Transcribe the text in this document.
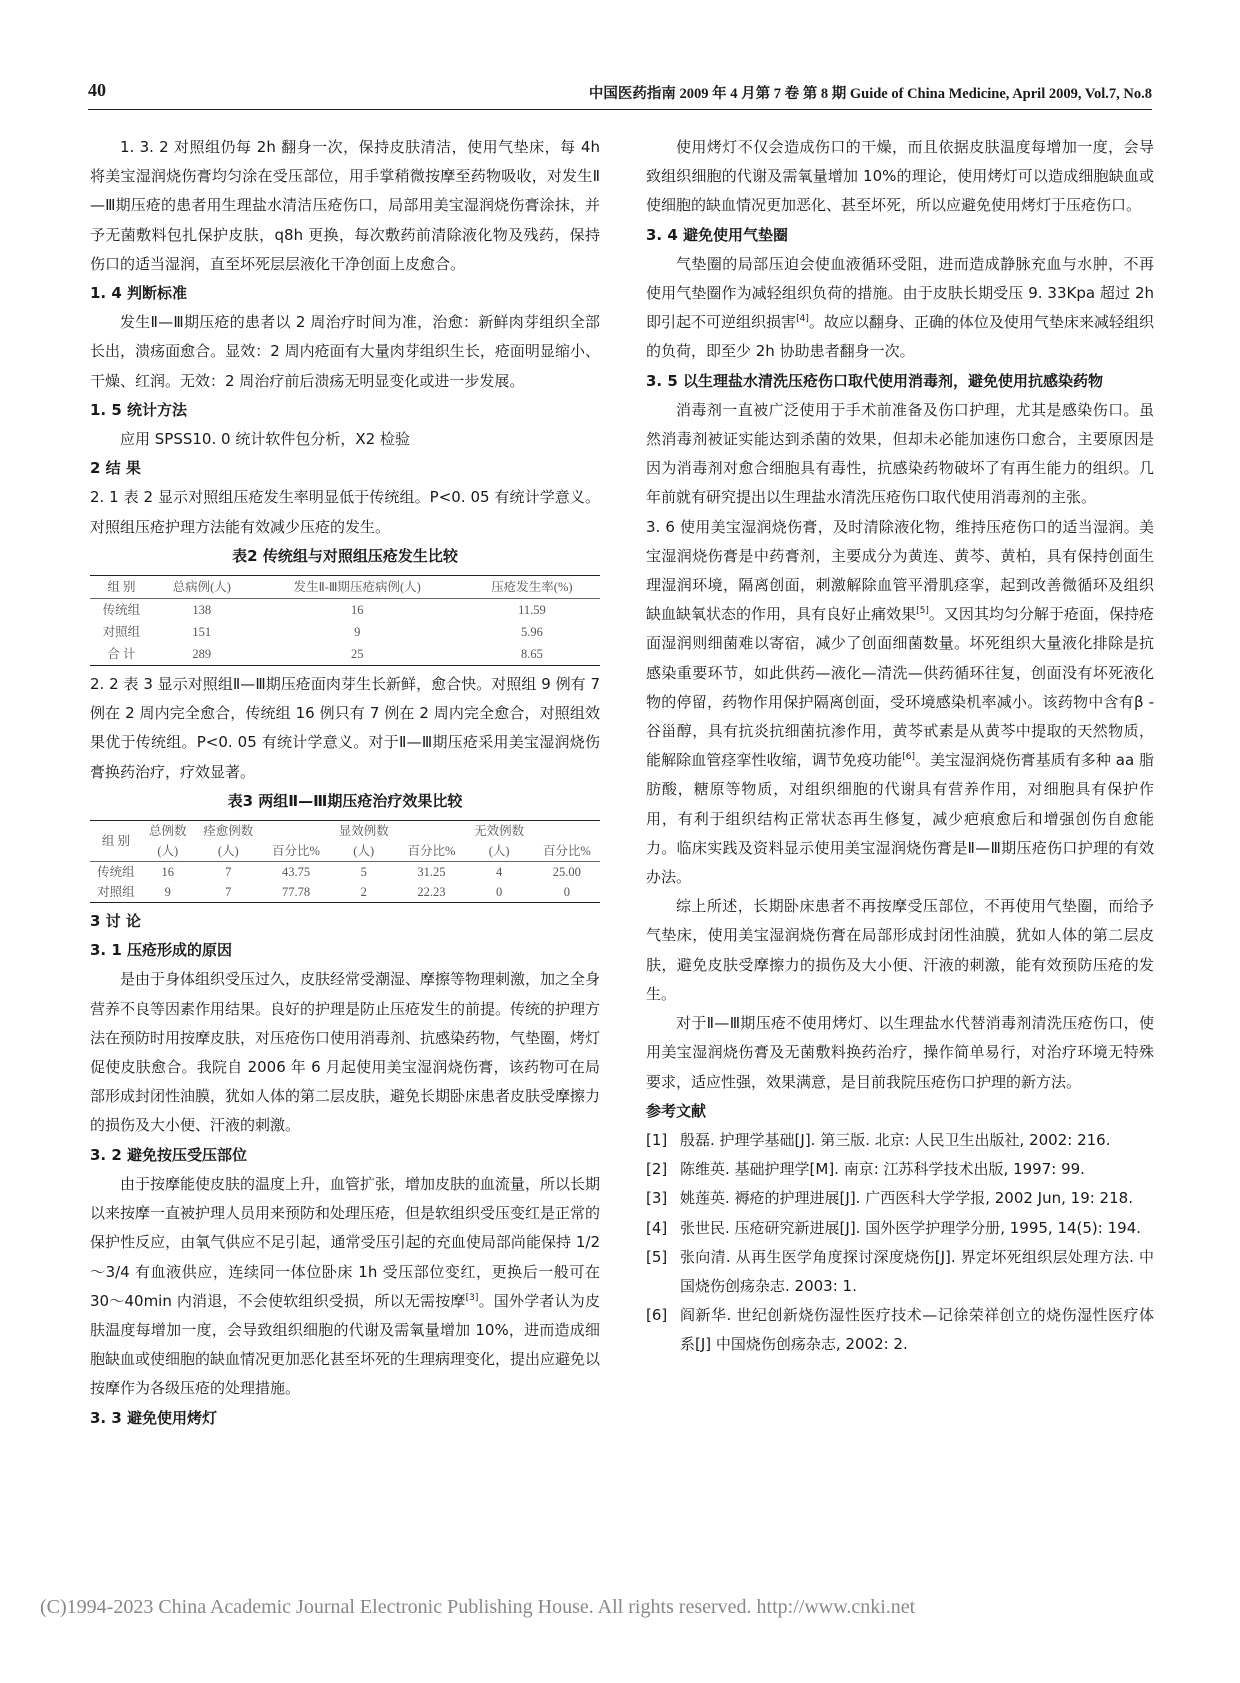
40	中国医药指南 2009 年 4 月第 7 卷 第 8 期 Guide of China Medicine, April 2009, Vol.7, No.8

1. 3. 2 对照组仍每 2h 翻身一次，保持皮肤清洁，使用气垫床，每 4h 将美宝湿润烧伤膏均匀涂在受压部位，用手掌稍微按摩至药物吸收，对发生Ⅱ—Ⅲ期压疮的患者用生理盐水清洁压疮伤口，局部用美宝湿润烧伤膏涂抹，并予无菌敷料包扎保护皮肤，q8h 更换，每次敷药前清除液化物及残药，保持伤口的适当湿润，直至坏死层层液化干净创面上皮愈合。

1. 4 判断标准

发生Ⅱ—Ⅲ期压疮的患者以 2 周治疗时间为准，治愈：新鲜肉芽组织全部长出，溃疡面愈合。显效：2 周内疮面有大量肉芽组织生长，疮面明显缩小、干燥、红润。无效：2 周治疗前后溃疡无明显变化或进一步发展。

1. 5 统计方法

应用 SPSS10. 0 统计软件包分析，X2 检验

2 结 果

2. 1 表 2 显示对照组压疮发生率明显低于传统组。P<0. 05 有统计学意义。对照组压疮护理方法能有效减少压疮的发生。

表2 传统组与对照组压疮发生比较

组 别	总病例(人)	发生Ⅱ-Ⅲ期压疮病例(人)	压疮发生率(%)
传统组	138	16	11.59
对照组	151	9	5.96
合 计	289	25	8.65

2. 2 表 3 显示对照组Ⅱ—Ⅲ期压疮面肉芽生长新鲜，愈合快。对照组 9 例有 7 例在 2 周内完全愈合，传统组 16 例只有 7 例在 2 周内完全愈合，对照组效果优于传统组。P<0. 05 有统计学意义。对于Ⅱ—Ⅲ期压疮采用美宝湿润烧伤膏换药治疗，疗效显著。

表3 两组Ⅱ—Ⅲ期压疮治疗效果比较

组 别	总例数	痊愈例数		显效例数		无效例数	
	(人)	(人)	百分比%	(人)	百分比%	(人)	百分比%
传统组	16	7	43.75	5	31.25	4	25.00
对照组	9	7	77.78	2	22.23	0	0

3 讨 论

3. 1 压疮形成的原因

是由于身体组织受压过久，皮肤经常受潮湿、摩擦等物理刺激，加之全身营养不良等因素作用结果。良好的护理是防止压疮发生的前提。传统的护理方法在预防时用按摩皮肤，对压疮伤口使用消毒剂、抗感染药物，气垫圈，烤灯促使皮肤愈合。我院自 2006 年 6 月起使用美宝湿润烧伤膏，该药物可在局部形成封闭性油膜，犹如人体的第二层皮肤，避免长期卧床患者皮肤受摩擦力的损伤及大小便、汗液的刺激。

3. 2 避免按压受压部位

由于按摩能使皮肤的温度上升，血管扩张，增加皮肤的血流量，所以长期以来按摩一直被护理人员用来预防和处理压疮，但是软组织受压变红是正常的保护性反应，由氧气供应不足引起，通常受压引起的充血使局部尚能保持 1/2～3/4 有血液供应，连续同一体位卧床 1h 受压部位变红，更换后一般可在 30～40min 内消退，不会使软组织受损，所以无需按摩[3]。国外学者认为皮肤温度每增加一度，会导致组织细胞的代谢及需氧量增加 10%，进而造成细胞缺血或使细胞的缺血情况更加恶化甚至坏死的生理病理变化，提出应避免以按摩作为各级压疮的处理措施。

3. 3 避免使用烤灯

使用烤灯不仅会造成伤口的干燥，而且依据皮肤温度每增加一度，会导致组织细胞的代谢及需氧量增加 10%的理论，使用烤灯可以造成细胞缺血或使细胞的缺血情况更加恶化、甚至坏死，所以应避免使用烤灯于压疮伤口。

3. 4 避免使用气垫圈

气垫圈的局部压迫会使血液循环受阻，进而造成静脉充血与水肿，不再使用气垫圈作为减轻组织负荷的措施。由于皮肤长期受压 9. 33Kpa 超过 2h 即引起不可逆组织损害[4]。故应以翻身、正确的体位及使用气垫床来减轻组织的负荷，即至少 2h 协助患者翻身一次。

3. 5 以生理盐水清洗压疮伤口取代使用消毒剂，避免使用抗感染药物

消毒剂一直被广泛使用于手术前准备及伤口护理，尤其是感染伤口。虽然消毒剂被证实能达到杀菌的效果，但却未必能加速伤口愈合，主要原因是因为消毒剂对愈合细胞具有毒性，抗感染药物破坏了有再生能力的组织。几年前就有研究提出以生理盐水清洗压疮伤口取代使用消毒剂的主张。

3. 6 使用美宝湿润烧伤膏，及时清除液化物，维持压疮伤口的适当湿润。美宝湿润烧伤膏是中药膏剂，主要成分为黄连、黄芩、黄柏，具有保持创面生理湿润环境，隔离创面，刺激解除血管平滑肌痉挛，起到改善微循环及组织缺血缺氧状态的作用，具有良好止痛效果[5]。又因其均匀分解于疮面，保持疮面湿润则细菌难以寄宿，减少了创面细菌数量。坏死组织大量液化排除是抗感染重要环节，如此供药—液化—清洗—供药循环往复，创面没有坏死液化物的停留，药物作用保护隔离创面，受环境感染机率减小。该药物中含有β - 谷甾醇，具有抗炎抗细菌抗渗作用，黄芩甙素是从黄芩中提取的天然物质，能解除血管痉挛性收缩，调节免疫功能[6]。美宝湿润烧伤膏基质有多种 aa 脂肪酸，糖原等物质，对组织细胞的代谢具有营养作用，对细胞具有保护作用，有利于组织结构正常状态再生修复，减少疤痕愈后和增强创伤自愈能力。临床实践及资料显示使用美宝湿润烧伤膏是Ⅱ—Ⅲ期压疮伤口护理的有效办法。

综上所述，长期卧床患者不再按摩受压部位，不再使用气垫圈，而给予气垫床，使用美宝湿润烧伤膏在局部形成封闭性油膜，犹如人体的第二层皮肤，避免皮肤受摩擦力的损伤及大小便、汗液的刺激，能有效预防压疮的发生。

对于Ⅱ—Ⅲ期压疮不使用烤灯、以生理盐水代替消毒剂清洗压疮伤口，使用美宝湿润烧伤膏及无菌敷料换药治疗，操作简单易行，对治疗环境无特殊要求，适应性强，效果满意，是目前我院压疮伤口护理的新方法。

参考文献

[1] 殷磊. 护理学基础[J]. 第三版. 北京: 人民卫生出版社, 2002: 216.
[2] 陈维英. 基础护理学[M]. 南京: 江苏科学技术出版, 1997: 99.
[3] 姚莲英. 褥疮的护理进展[J]. 广西医科大学学报, 2002 Jun, 19: 218.
[4] 张世民. 压疮研究新进展[J]. 国外医学护理学分册, 1995, 14(5): 194.
[5] 张向清. 从再生医学角度探讨深度烧伤[J]. 界定坏死组织层处理方法. 中国烧伤创疡杂志. 2003: 1.
[6] 阎新华. 世纪创新烧伤湿性医疗技术—记徐荣祥创立的烧伤湿性医疗体系[J] 中国烧伤创疡杂志, 2002: 2.
(C)1994-2023 China Academic Journal Electronic Publishing House. All rights reserved. http://www.cnki.net
